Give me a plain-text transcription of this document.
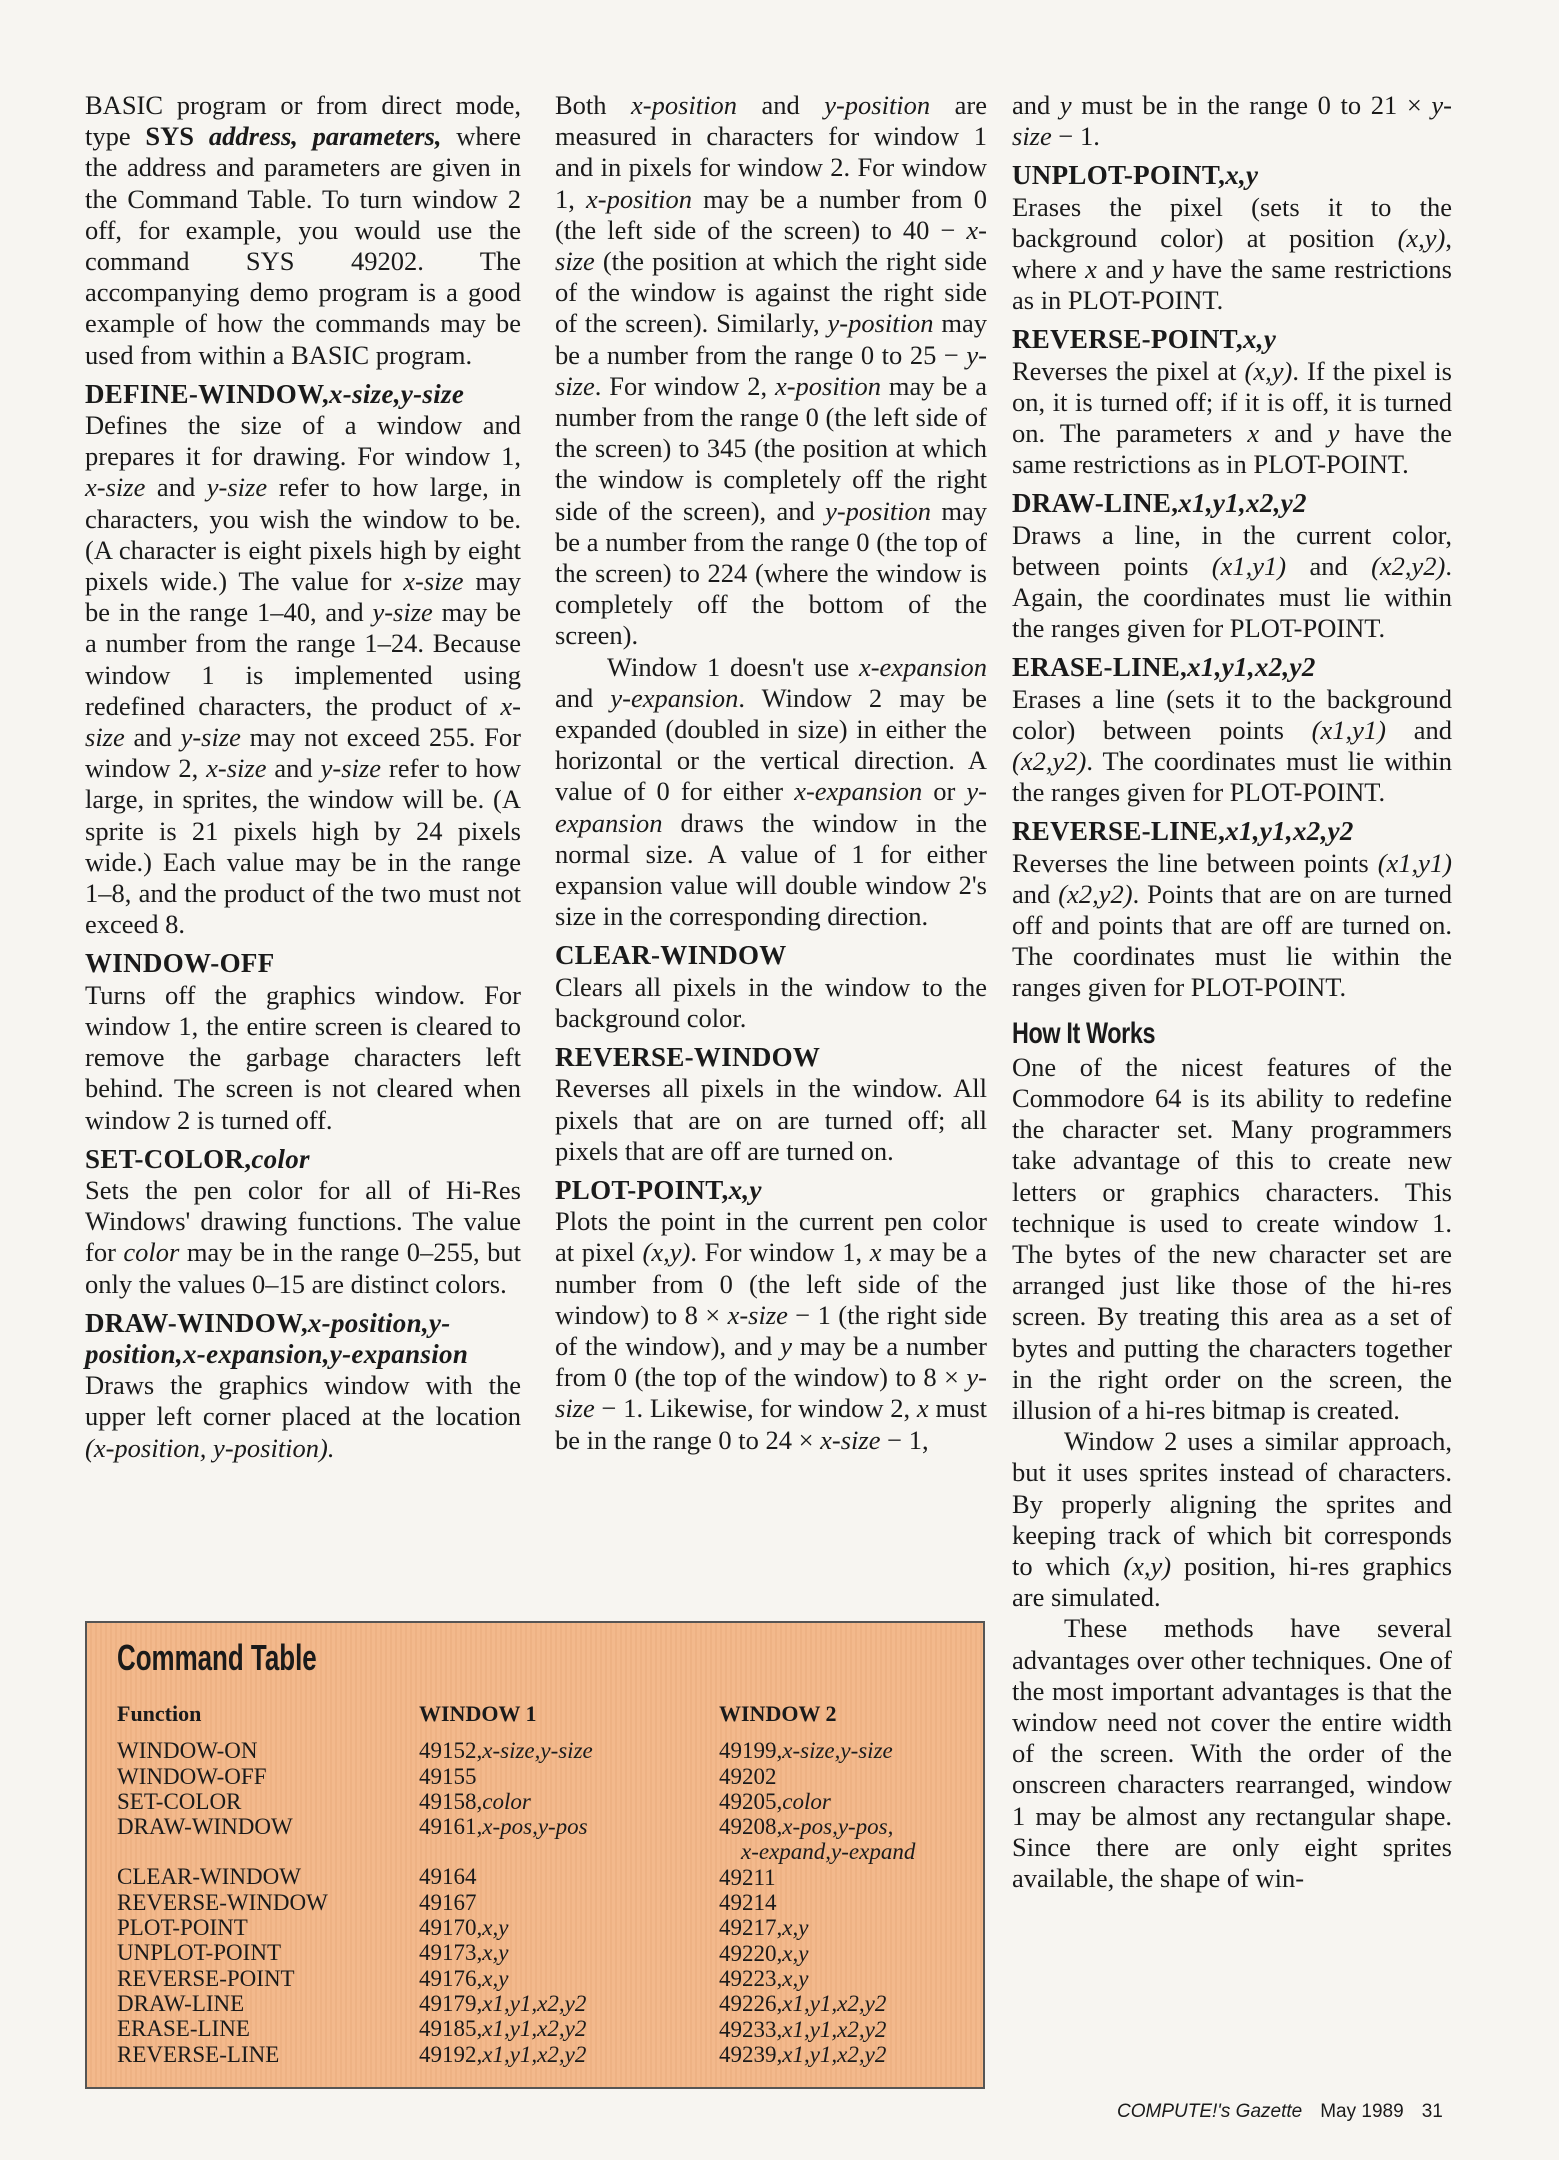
BASIC program or from direct mode, type SYS address, parameters, where the address and parameters are given in the Command Table. To turn window 2 off, for example, you would use the command SYS 49202. The accompanying demo program is a good example of how the commands may be used from within a BASIC program.

DEFINE-WINDOW,x-size,y-size

Defines the size of a window and prepares it for drawing. For window 1, x-size and y-size refer to how large, in characters, you wish the window to be. (A character is eight pixels high by eight pixels wide.) The value for x-size may be in the range 1–40, and y-size may be a number from the range 1–24. Because window 1 is implemented using redefined characters, the product of x-size and y-size may not exceed 255. For window 2, x-size and y-size refer to how large, in sprites, the window will be. (A sprite is 21 pixels high by 24 pixels wide.) Each value may be in the range 1–8, and the product of the two must not exceed 8.

WINDOW-OFF

Turns off the graphics window. For window 1, the entire screen is cleared to remove the garbage characters left behind. The screen is not cleared when window 2 is turned off.

SET-COLOR,color

Sets the pen color for all of Hi-Res Windows' drawing functions. The value for color may be in the range 0–255, but only the values 0–15 are distinct colors.

DRAW-WINDOW,x-position,y-position,x-expansion,y-expansion

Draws the graphics window with the upper left corner placed at the location (x-position, y-position).

Both x-position and y-position are measured in characters for window 1 and in pixels for window 2. For window 1, x-position may be a number from 0 (the left side of the screen) to 40 − x-size (the position at which the right side of the window is against the right side of the screen). Similarly, y-position may be a number from the range 0 to 25 − y-size. For window 2, x-position may be a number from the range 0 (the left side of the screen) to 345 (the position at which the window is completely off the right side of the screen), and y-position may be a number from the range 0 (the top of the screen) to 224 (where the window is completely off the bottom of the screen).

Window 1 doesn't use x-expansion and y-expansion. Window 2 may be expanded (doubled in size) in either the horizontal or the vertical direction. A value of 0 for either x-expansion or y-expansion draws the window in the normal size. A value of 1 for either expansion value will double window 2's size in the corresponding direction.

CLEAR-WINDOW

Clears all pixels in the window to the background color.

REVERSE-WINDOW

Reverses all pixels in the window. All pixels that are on are turned off; all pixels that are off are turned on.

PLOT-POINT,x,y

Plots the point in the current pen color at pixel (x,y). For window 1, x may be a number from 0 (the left side of the window) to 8 × x-size − 1 (the right side of the window), and y may be a number from 0 (the top of the window) to 8 × y-size − 1. Likewise, for window 2, x must be in the range 0 to 24 × x-size − 1,

and y must be in the range 0 to 21 × y-size − 1.

UNPLOT-POINT,x,y

Erases the pixel (sets it to the background color) at position (x,y), where x and y have the same restrictions as in PLOT-POINT.

REVERSE-POINT,x,y

Reverses the pixel at (x,y). If the pixel is on, it is turned off; if it is off, it is turned on. The parameters x and y have the same restrictions as in PLOT-POINT.

DRAW-LINE,x1,y1,x2,y2

Draws a line, in the current color, between points (x1,y1) and (x2,y2). Again, the coordinates must lie within the ranges given for PLOT-POINT.

ERASE-LINE,x1,y1,x2,y2

Erases a line (sets it to the background color) between points (x1,y1) and (x2,y2). The coordinates must lie within the ranges given for PLOT-POINT.

REVERSE-LINE,x1,y1,x2,y2

Reverses the line between points (x1,y1) and (x2,y2). Points that are on are turned off and points that are off are turned on. The coordinates must lie within the ranges given for PLOT-POINT.

How It Works

One of the nicest features of the Commodore 64 is its ability to redefine the character set. Many programmers take advantage of this to create new letters or graphics characters. This technique is used to create window 1. The bytes of the new character set are arranged just like those of the hi-res screen. By treating this area as a set of bytes and putting the characters together in the right order on the screen, the illusion of a hi-res bitmap is created.

Window 2 uses a similar approach, but it uses sprites instead of characters. By properly aligning the sprites and keeping track of which bit corresponds to which (x,y) position, hi-res graphics are simulated.

These methods have several advantages over other techniques. One of the most important advantages is that the window need not cover the entire width of the screen. With the order of the onscreen characters rearranged, window 1 may be almost any rectangular shape. Since there are only eight sprites available, the shape of win-

Command Table
Function
WINDOW-ON
WINDOW-OFF
SET-COLOR
DRAW-WINDOW
CLEAR-WINDOW
REVERSE-WINDOW
PLOT-POINT
UNPLOT-POINT
REVERSE-POINT
DRAW-LINE
ERASE-LINE
REVERSE-LINE
WINDOW 1
49152,x-size,y-size
49155
49158,color
49161,x-pos,y-pos
49164
49167
49170,x,y
49173,x,y
49176,x,y
49179,x1,y1,x2,y2
49185,x1,y1,x2,y2
49192,x1,y1,x2,y2
WINDOW 2
49199,x-size,y-size
49202
49205,color
49208,x-pos,y-pos,
x-expand,y-expand
49211
49214
49217,x,y
49220,x,y
49223,x,y
49226,x1,y1,x2,y2
49233,x1,y1,x2,y2
49239,x1,y1,x2,y2
COMPUTE!'s Gazette May 1989 31
